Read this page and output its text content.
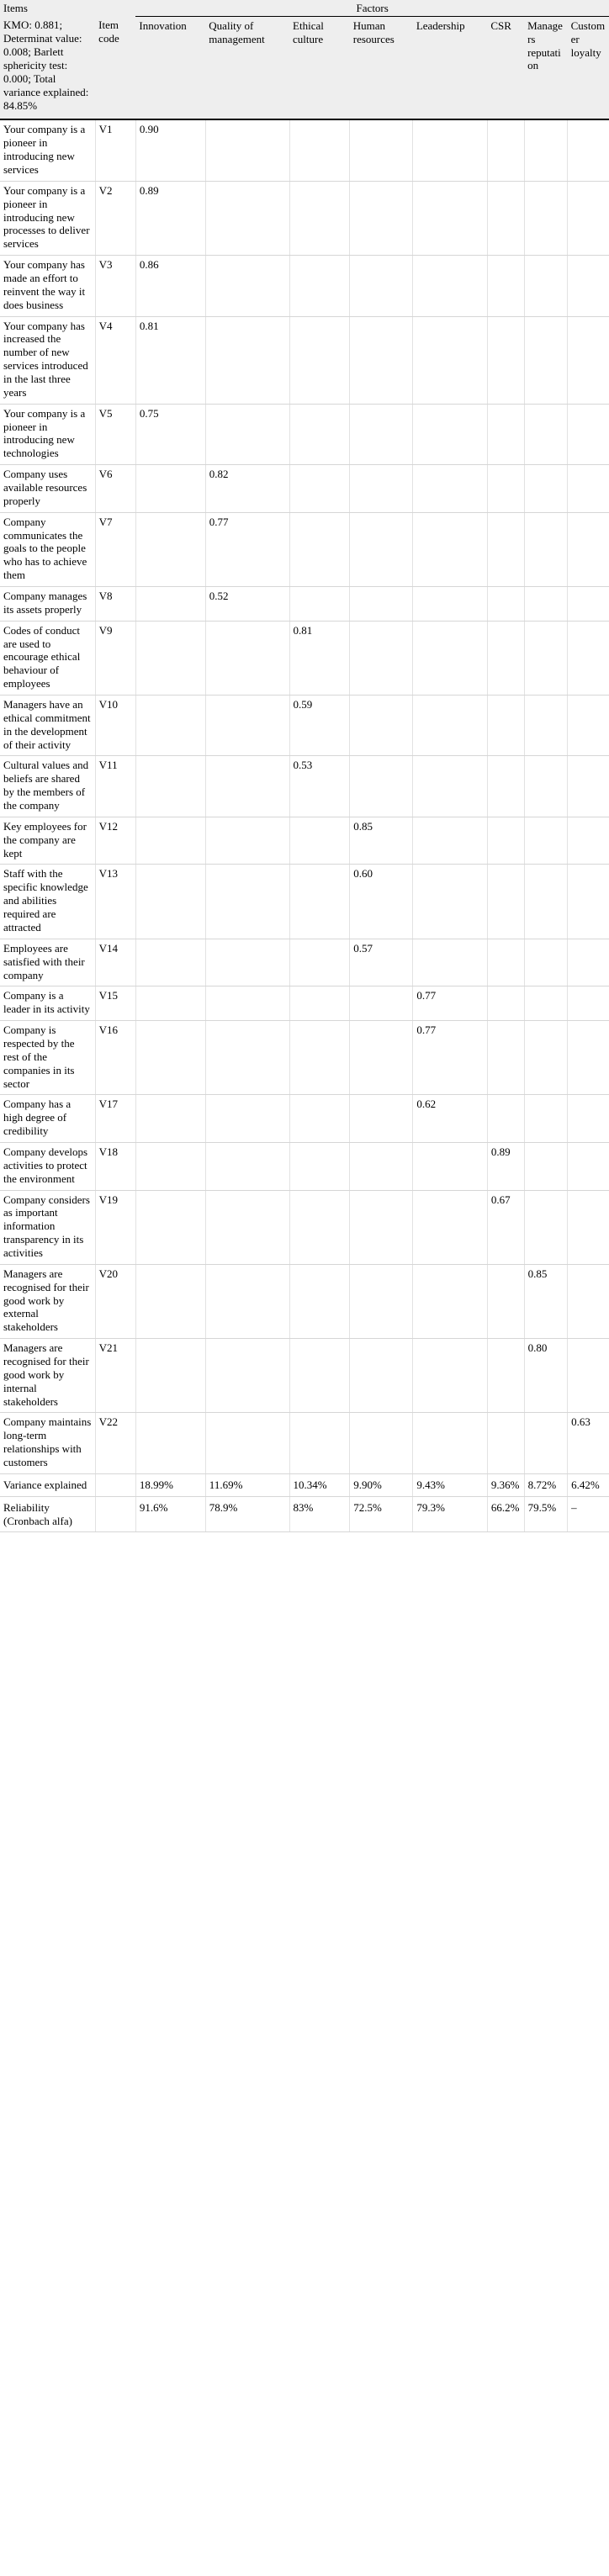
Items		Factors							
KMO: 0.881; Determinat value: 0.008; Barlett sphericity test: 0.000; Total variance explained: 84.85%	Item code	Innovation	Quality of management	Ethical culture	Human resources	Leadership	CSR	Managers reputation	Customer loyalty
Your company is a pioneer in introducing new services	V1	0.90							
Your company is a pioneer in introducing new processes to deliver services	V2	0.89							
Your company has made an effort to reinvent the way it does business	V3	0.86							
Your company has increased the number of new services introduced in the last three years	V4	0.81							
Your company is a pioneer in introducing new technologies	V5	0.75							
Company uses available resources properly	V6		0.82						
Company communicates the goals to the people who has to achieve them	V7		0.77						
Company manages its assets properly	V8		0.52						
Codes of conduct are used to encourage ethical behaviour of employees	V9			0.81					
Managers have an ethical commitment in the development of their activity	V10			0.59					
Cultural values and beliefs are shared by the members of the company	V11			0.53					
Key employees for the company are kept	V12				0.85				
Staff with the specific knowledge and abilities required are attracted	V13				0.60				
Employees are satisfied with their company	V14				0.57				
Company is a leader in its activity	V15					0.77			
Company is respected by the rest of the companies in its sector	V16					0.77			
Company has a high degree of credibility	V17					0.62			
Company develops activities to protect the environment	V18						0.89		
Company considers as important information transparency in its activities	V19						0.67		
Managers are recognised for their good work by external stakeholders	V20							0.85	
Managers are recognised for their good work by internal stakeholders	V21							0.80	
Company maintains long-term relationships with customers	V22								0.63
Variance explained		18.99%	11.69%	10.34%	9.90%	9.43%	9.36%	8.72%	6.42%
Reliability (Cronbach alfa)		91.6%	78.9%	83%	72.5%	79.3%	66.2%	79.5%	–
